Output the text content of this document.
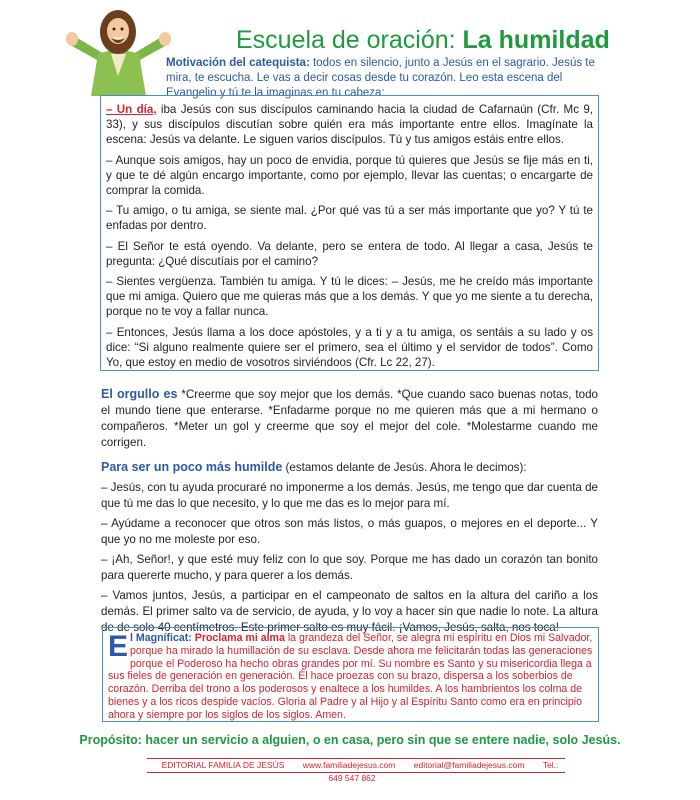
Escuela de oración: La humildad
Motivación del catequista: todos en silencio, junto a Jesús en el sagrario. Jesús te mira, te escucha. Le vas a decir cosas desde tu corazón. Leo esta escena del Evangelio y tú te la imaginas en tu cabeza:

– Un día, iba Jesús con sus discípulos caminando hacia la ciudad de Cafarnaún (Cfr. Mc 9, 33), y sus discípulos discutían sobre quién era más importante entre ellos. Imagínate la escena: Jesús va delante. Le siguen varios discípulos. Tú y tus amigos estáis entre ellos.

– Aunque sois amigos, hay un poco de envidia, porque tú quieres que Jesús se fije más en ti, y que te dé algún encargo importante, como por ejemplo, llevar las cuentas; o encargarte de comprar la comida.

– Tu amigo, o tu amiga, se siente mal. ¿Por qué vas tú a ser más importante que yo? Y tú te enfadas por dentro.

– El Señor te está oyendo. Va delante, pero se entera de todo. Al llegar a casa, Jesús te pregunta: ¿Qué discutíais por el camino?

– Sientes vergüenza. También tu amiga. Y tú le dices: – Jesús, me he creído más importante que mi amiga. Quiero que me quieras más que a los demás. Y que yo me siente a tu derecha, porque no te voy a fallar nunca.

– Entonces, Jesús llama a los doce apóstoles, y a ti y a tu amiga, os sentáis a su lado y os dice: “Si alguno realmente quiere ser el primero, sea el último y el servidor de todos”. Como Yo, que estoy en medio de vosotros sirviéndoos (Cfr. Lc 22, 27).

El orgullo es *Creerme que soy mejor que los demás. *Que cuando saco buenas notas, todo el mundo tiene que enterarse. *Enfadarme porque no me quieren más que a mi hermano o compañeros. *Meter un gol y creerme que soy el mejor del cole. *Molestarme cuando me corrigen.

Para ser un poco más humilde (estamos delante de Jesús. Ahora le decimos):

– Jesús, con tu ayuda procuraré no imponerme a los demás. Jesús, me tengo que dar cuenta de que tú me das lo que necesito, y lo que me das es lo mejor para mí.

– Ayúdame a reconocer que otros son más listos, o más guapos, o mejores en el deporte... Y que yo no me moleste por eso.

– ¡Ah, Señor!, y que esté muy feliz con lo que soy. Porque me has dado un corazón tan bonito para quererte mucho, y para querer a los demás.

– Vamos juntos, Jesús, a participar en el campeonato de saltos en la altura del cariño a los demás. El primer salto va de servicio, de ayuda, y lo voy a hacer sin que nadie lo note. La altura de de solo 40 centímetros. Este primer salto es muy fácil. ¡Vamos, Jesús, salta, nos toca!

El Magníficat: Proclama mi alma la grandeza del Señor, se alegra mi espíritu en Dios mi Salvador, porque ha mirado la humillación de su esclava. Desde ahora me felicitarán todas las generaciones porque el Poderoso ha hecho obras grandes por mí. Su nombre es Santo y su misericordia llega a sus fieles de generación en generación. Él hace proezas con su brazo, dispersa a los soberbios de corazón. Derriba del trono a los poderosos y enaltece a los humildes. A los hambrientos los colma de bienes y a los ricos despide vacíos. Gloria al Padre y al Hijo y al Espíritu Santo como era en principio ahora y siempre por los siglos de los siglos. Amen.
Propósito: hacer un servicio a alguien, o en casa, pero sin que se entere nadie, solo Jesús.
EDITORIAL FAMILIA DE JESÚS www.familiadejesus.com editorial@familiadejesus.com Tel.: 649 547 862
